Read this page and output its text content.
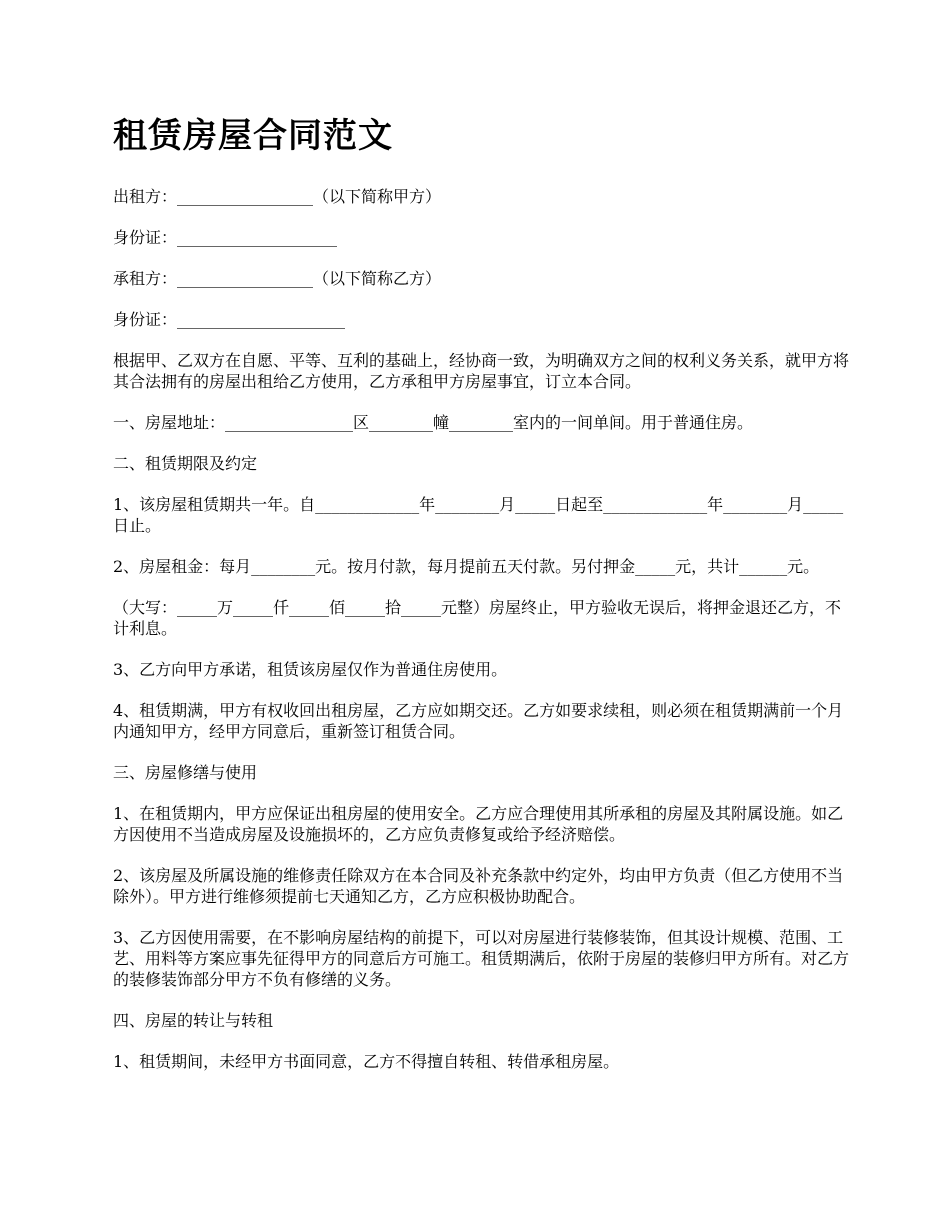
租赁房屋合同范文

出租方：_________________（以下简称甲方）

身份证：____________________

承租方：_________________（以下简称乙方）

身份证：_____________________

根据甲、乙双方在自愿、平等、互利的基础上，经协商一致，为明确双方之间的权利义务关系，就甲方将其合法拥有的房屋出租给乙方使用，乙方承租甲方房屋事宜，订立本合同。

一、房屋地址：________________区________幢________室内的一间单间。用于普通住房。

二、租赁期限及约定

1、该房屋租赁期共一年。自_____________年________月_____日起至_____________年________月_____日止。

2、房屋租金：每月________元。按月付款，每月提前五天付款。另付押金_____元，共计______元。

（大写：_____万_____仟_____佰_____拾_____元整）房屋终止，甲方验收无误后，将押金退还乙方，不计利息。

3、乙方向甲方承诺，租赁该房屋仅作为普通住房使用。

4、租赁期满，甲方有权收回出租房屋，乙方应如期交还。乙方如要求续租，则必须在租赁期满前一个月内通知甲方，经甲方同意后，重新签订租赁合同。

三、房屋修缮与使用

1、在租赁期内，甲方应保证出租房屋的使用安全。乙方应合理使用其所承租的房屋及其附属设施。如乙方因使用不当造成房屋及设施损坏的，乙方应负责修复或给予经济赔偿。

2、该房屋及所属设施的维修责任除双方在本合同及补充条款中约定外，均由甲方负责（但乙方使用不当除外）。甲方进行维修须提前七天通知乙方，乙方应积极协助配合。

3、乙方因使用需要，在不影响房屋结构的前提下，可以对房屋进行装修装饰，但其设计规模、范围、工艺、用料等方案应事先征得甲方的同意后方可施工。租赁期满后，依附于房屋的装修归甲方所有。对乙方的装修装饰部分甲方不负有修缮的义务。

四、房屋的转让与转租

1、租赁期间，未经甲方书面同意，乙方不得擅自转租、转借承租房屋。
